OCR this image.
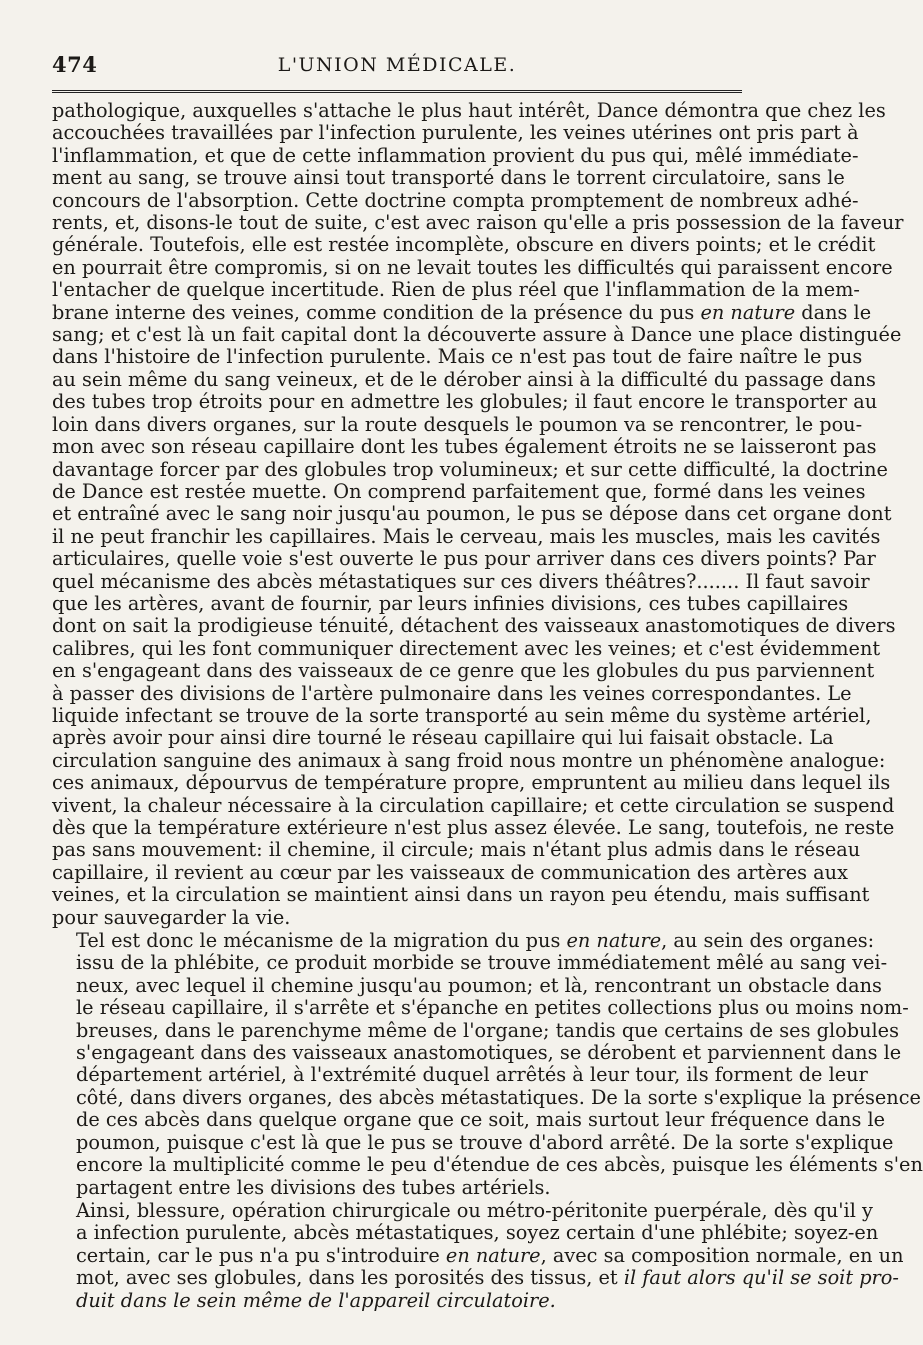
474	L'UNION MÉDICALE.

pathologique, auxquelles s'attache le plus haut intérêt, Dance démontra que chez les
accouchées travaillées par l'infection purulente, les veines utérines ont pris part à
l'inflammation, et que de cette inflammation provient du pus qui, mêlé immédiate-
ment au sang, se trouve ainsi tout transporté dans le torrent circulatoire, sans le
concours de l'absorption. Cette doctrine compta promptement de nombreux adhé-
rents, et, disons-le tout de suite, c'est avec raison qu'elle a pris possession de la faveur
générale. Toutefois, elle est restée incomplète, obscure en divers points; et le crédit
en pourrait être compromis, si on ne levait toutes les difficultés qui paraissent encore
l'entacher de quelque incertitude. Rien de plus réel que l'inflammation de la mem-
brane interne des veines, comme condition de la présence du pus en nature dans le
sang; et c'est là un fait capital dont la découverte assure à Dance une place distinguée
dans l'histoire de l'infection purulente. Mais ce n'est pas tout de faire naître le pus
au sein même du sang veineux, et de le dérober ainsi à la difficulté du passage dans
des tubes trop étroits pour en admettre les globules; il faut encore le transporter au
loin dans divers organes, sur la route desquels le poumon va se rencontrer, le pou-
mon avec son réseau capillaire dont les tubes également étroits ne se laisseront pas
davantage forcer par des globules trop volumineux; et sur cette difficulté, la doctrine
de Dance est restée muette. On comprend parfaitement que, formé dans les veines
et entraîné avec le sang noir jusqu'au poumon, le pus se dépose dans cet organe dont
il ne peut franchir les capillaires. Mais le cerveau, mais les muscles, mais les cavités
articulaires, quelle voie s'est ouverte le pus pour arriver dans ces divers points? Par
quel mécanisme des abcès métastatiques sur ces divers théâtres?....... Il faut savoir
que les artères, avant de fournir, par leurs infinies divisions, ces tubes capillaires
dont on sait la prodigieuse ténuité, détachent des vaisseaux anastomotiques de divers
calibres, qui les font communiquer directement avec les veines; et c'est évidemment
en s'engageant dans des vaisseaux de ce genre que les globules du pus parviennent
à passer des divisions de l'artère pulmonaire dans les veines correspondantes. Le
liquide infectant se trouve de la sorte transporté au sein même du système artériel,
après avoir pour ainsi dire tourné le réseau capillaire qui lui faisait obstacle. La
circulation sanguine des animaux à sang froid nous montre un phénomène analogue:
ces animaux, dépourvus de température propre, empruntent au milieu dans lequel ils
vivent, la chaleur nécessaire à la circulation capillaire; et cette circulation se suspend
dès que la température extérieure n'est plus assez élevée. Le sang, toutefois, ne reste
pas sans mouvement: il chemine, il circule; mais n'étant plus admis dans le réseau
capillaire, il revient au cœur par les vaisseaux de communication des artères aux
veines, et la circulation se maintient ainsi dans un rayon peu étendu, mais suffisant
pour sauvegarder la vie.

Tel est donc le mécanisme de la migration du pus en nature, au sein des organes:
issu de la phlébite, ce produit morbide se trouve immédiatement mêlé au sang vei-
neux, avec lequel il chemine jusqu'au poumon; et là, rencontrant un obstacle dans
le réseau capillaire, il s'arrête et s'épanche en petites collections plus ou moins nom-
breuses, dans le parenchyme même de l'organe; tandis que certains de ses globules
s'engageant dans des vaisseaux anastomotiques, se dérobent et parviennent dans le
département artériel, à l'extrémité duquel arrêtés à leur tour, ils forment de leur
côté, dans divers organes, des abcès métastatiques. De la sorte s'explique la présence
de ces abcès dans quelque organe que ce soit, mais surtout leur fréquence dans le
poumon, puisque c'est là que le pus se trouve d'abord arrêté. De la sorte s'explique
encore la multiplicité comme le peu d'étendue de ces abcès, puisque les éléments s'en
partagent entre les divisions des tubes artériels.

Ainsi, blessure, opération chirurgicale ou métro-péritonite puerpérale, dès qu'il y
a infection purulente, abcès métastatiques, soyez certain d'une phlébite; soyez-en
certain, car le pus n'a pu s'introduire en nature, avec sa composition normale, en un
mot, avec ses globules, dans les porosités des tissus, et il faut alors qu'il se soit pro-
duit dans le sein même de l'appareil circulatoire.
